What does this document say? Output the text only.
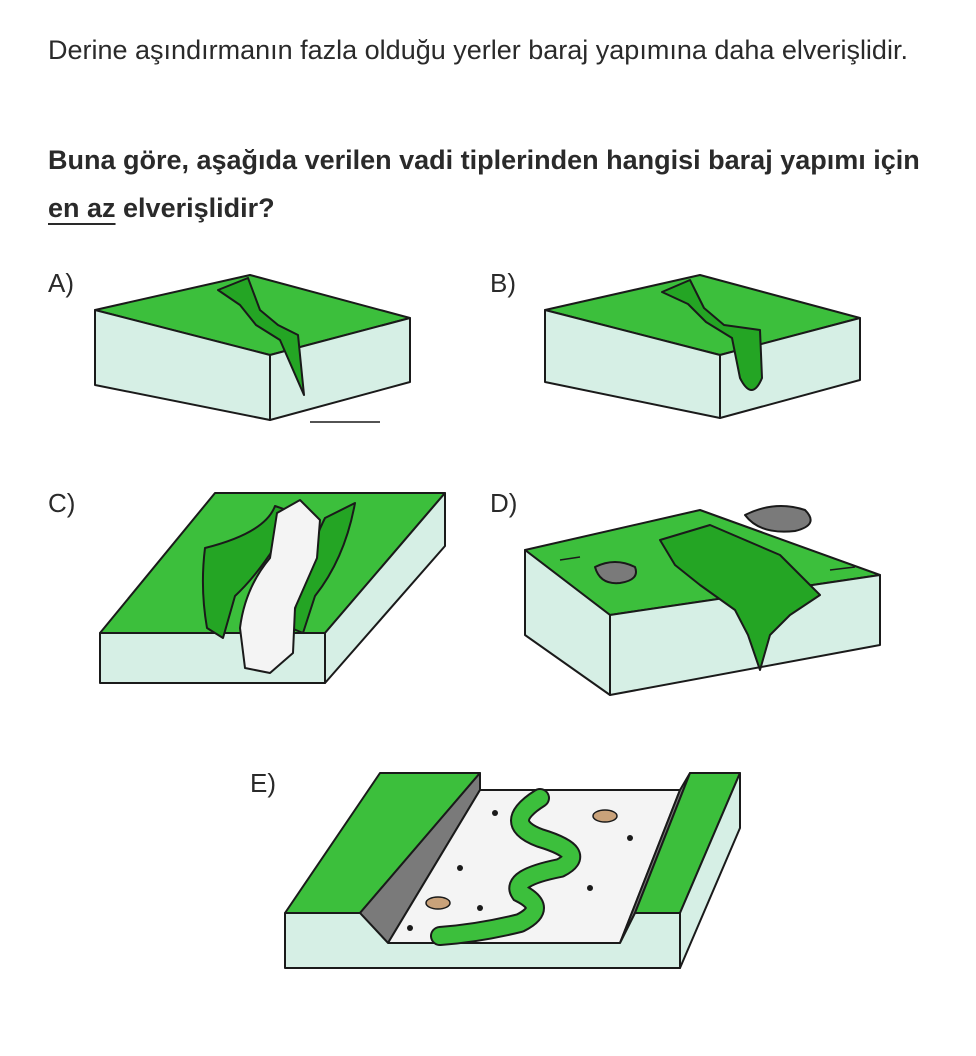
Derine aşındırmanın fazla olduğu yerler baraj yapımına daha elverişlidir.

Buna göre, aşağıda verilen vadi tiplerinden hangisi baraj yapımı için en az elverişlidir?

A)	B)
C)	D)
E)
